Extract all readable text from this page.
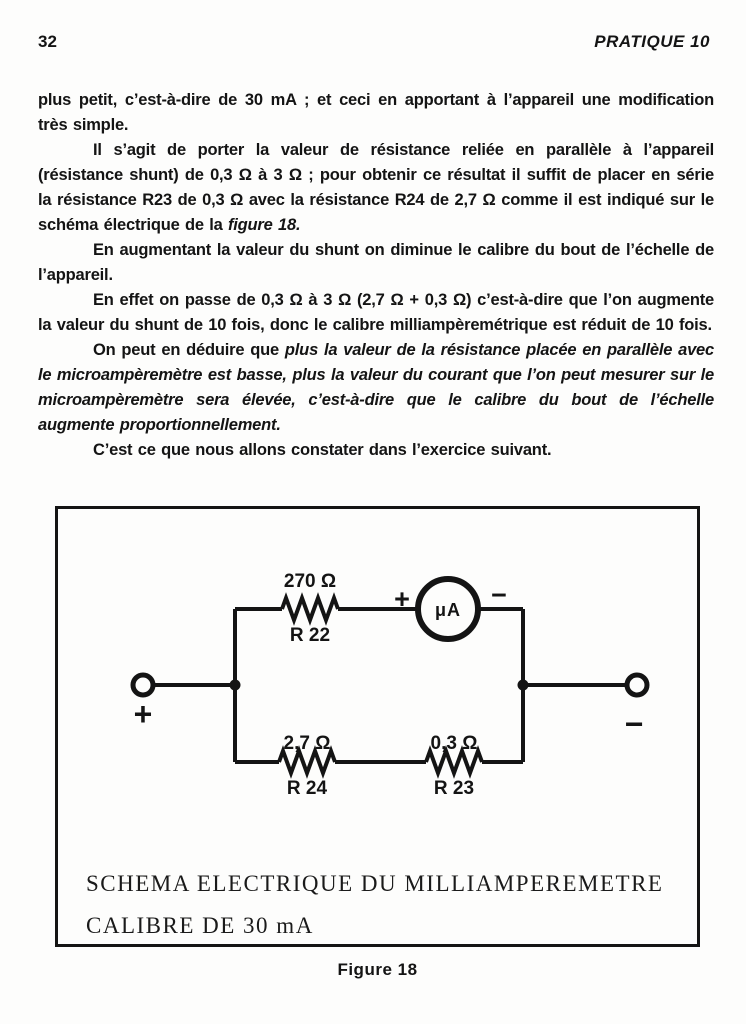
32	PRATIQUE 10

plus petit, c’est-à-dire de 30 mA ; et ceci en apportant à l’appareil une modification très simple.

Il s’agit de porter la valeur de résistance reliée en parallèle à l’appareil (résistance shunt) de 0,3 Ω à 3 Ω ; pour obtenir ce résultat il suffit de placer en série la résistance R23 de 0,3 Ω avec la résistance R24 de 2,7 Ω comme il est indiqué sur le schéma électrique de la figure 18.

En augmentant la valeur du shunt on diminue le calibre du bout de l’échelle de l’appareil.

En effet on passe de 0,3 Ω à 3 Ω (2,7 Ω + 0,3 Ω) c’est-à-dire que l’on augmente la valeur du shunt de 10 fois, donc le calibre milliampèremétrique est réduit de 10 fois.

On peut en déduire que plus la valeur de la résistance placée en parallèle avec le microampèremètre est basse, plus la valeur du courant que l’on peut mesurer sur le microampèremètre sera élevée, c’est-à-dire que le calibre du bout de l’échelle augmente proportionnellement.

C’est ce que nous allons constater dans l’exercice suivant.

μA
270 Ω
R 22
+	−
2,7 Ω
R 24
0,3 Ω
R 23
+	−
SCHEMA ELECTRIQUE DU MILLIAMPEREMETRE
CALIBRE DE 30 mA
Figure 18
